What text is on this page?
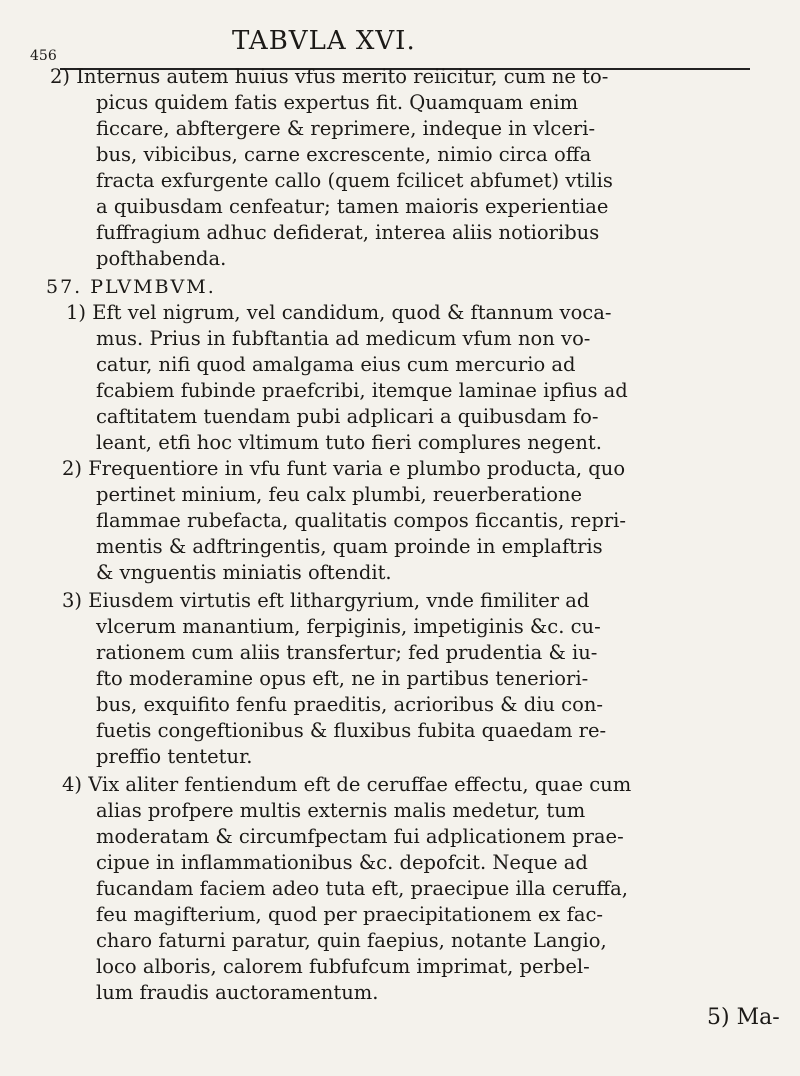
456	TABVLA XVI.
2) Internus autem huius vfus merito reiicitur, cum ne to-
picus quidem fatis expertus fit. Quamquam enim
ficcare, abftergere & reprimere, indeque in vlceri-
bus, vibicibus, carne excrescente, nimio circa offa
fracta exfurgente callo (quem fcilicet abfumet) vtilis
a quibusdam cenfeatur; tamen maioris experientiae
fuffragium adhuc defiderat, interea aliis notioribus
pofthabenda.
57. PLVMBVM.
1) Eft vel nigrum, vel candidum, quod & ftannum voca-
mus. Prius in fubftantia ad medicum vfum non vo-
catur, nifi quod amalgama eius cum mercurio ad
fcabiem fubinde praefcribi, itemque laminae ipfius ad
caftitatem tuendam pubi adplicari a quibusdam fo-
leant, etfi hoc vltimum tuto fieri complures negent.
2) Frequentiore in vfu funt varia e plumbo producta, quo
pertinet minium, feu calx plumbi, reuerberatione
flammae rubefacta, qualitatis compos ficcantis, repri-
mentis & adftringentis, quam proinde in emplaftris
& vnguentis miniatis oftendit.
3) Eiusdem virtutis eft lithargyrium, vnde fimiliter ad
vlcerum manantium, ferpiginis, impetiginis &c. cu-
rationem cum aliis transfertur; fed prudentia & iu-
fto moderamine opus eft, ne in partibus teneriori-
bus, exquifito fenfu praeditis, acrioribus & diu con-
fuetis congeftionibus & fluxibus fubita quaedam re-
preffio tentetur.
4) Vix aliter fentiendum eft de ceruffae effectu, quae cum
alias profpere multis externis malis medetur, tum
moderatam & circumfpectam fui adplicationem prae-
cipue in inflammationibus &c. depofcit. Neque ad
fucandam faciem adeo tuta eft, praecipue illa ceruffa,
feu magifterium, quod per praecipitationem ex fac-
charo faturni paratur, quin faepius, notante Langio,
loco alboris, calorem fubfufcum imprimat, perbel-
lum fraudis auctoramentum.
5) Ma-
